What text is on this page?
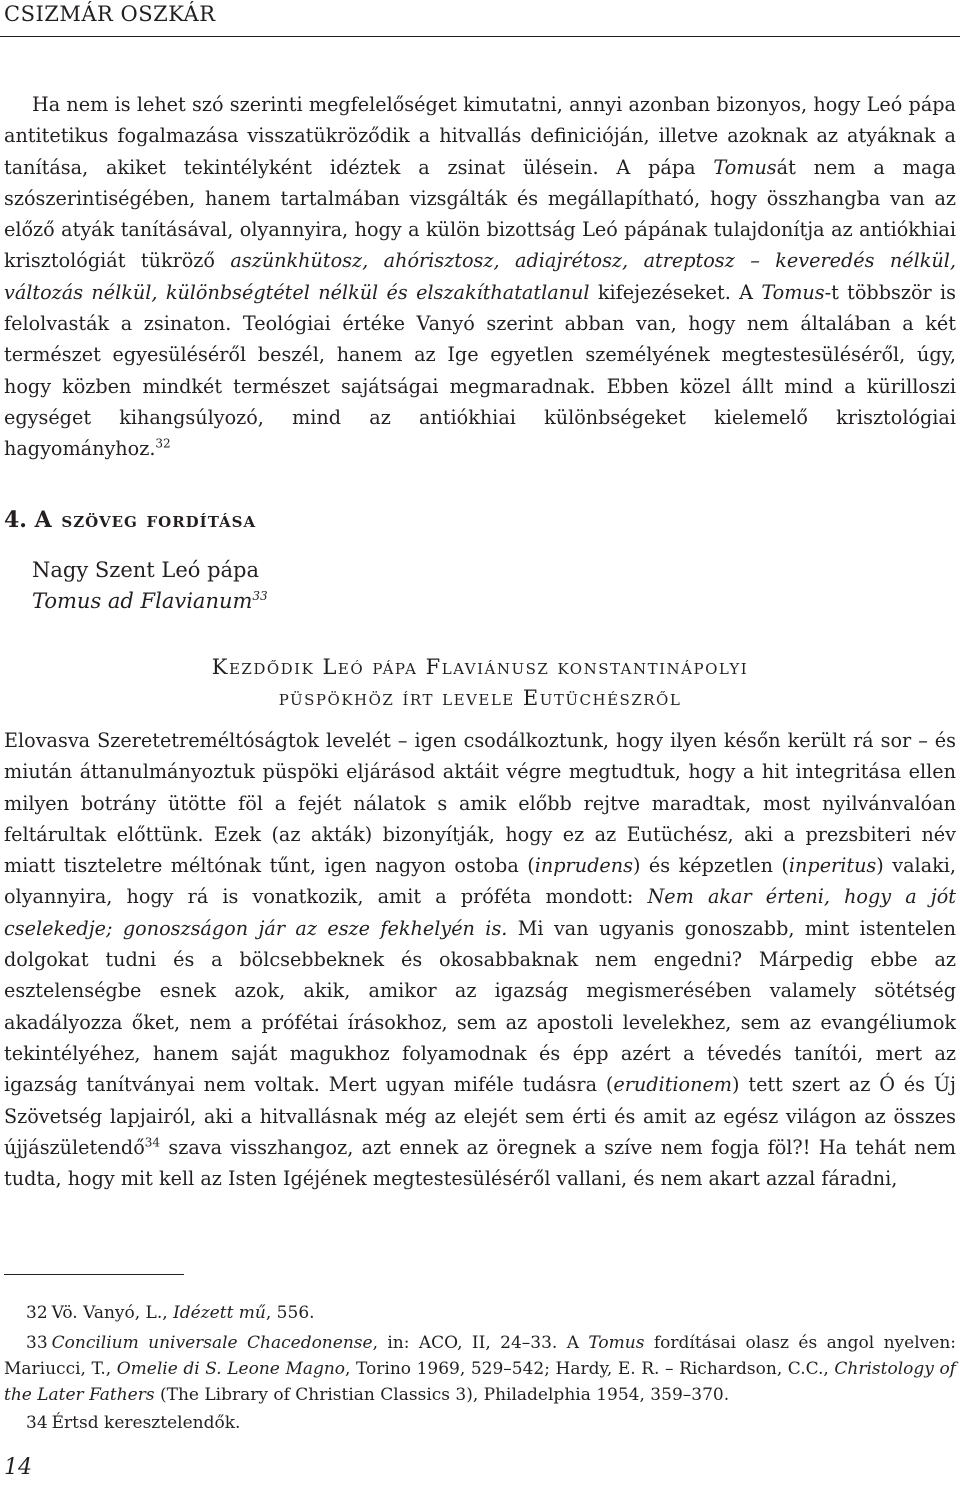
CSIZMÁR OSZKÁR

Ha nem is lehet szó szerinti megfelelőséget kimutatni, annyi azonban bizonyos, hogy Leó pápa antitetikus fogalmazása visszatükröződik a hitvallás definicióján, illetve azoknak az atyáknak a tanítása, akiket tekintélyként idéztek a zsinat ülésein. A pápa Tomusát nem a maga szószerintiségében, hanem tartalmában vizsgálták és megállapítható, hogy összhangba van az előző atyák tanításával, olyannyira, hogy a külön bizottság Leó pápának tulajdonítja az antiókhiai krisztológiát tükröző aszünkhütosz, ahórisztosz, adiajrétosz, atreptosz – keveredés nélkül, változás nélkül, különbségtétel nélkül és elszakíthatatlanul kifejezéseket. A Tomus-t többször is felolvasták a zsinaton. Teológiai értéke Vanyó szerint abban van, hogy nem általában a két természet egyesüléséről beszél, hanem az Ige egyetlen személyének megtestesüléséről, úgy, hogy közben mindkét természet sajátságai megmaradnak. Ebben közel állt mind a kürilloszi egységet kihangsúlyozó, mind az antiókhiai különbségeket kielemelő krisztológiai hagyományhoz.$^{32}$

4. A szöveg fordítása
Nagy Szent Leó pápa
Tomus ad Flavianum$^{33}$
Kezdődik Leó pápa Flaviánusz konstantinápolyi
püspökhöz írt levele Eutüchészről

Elovasva Szeretetreméltóságtok levelét – igen csodálkoztunk, hogy ilyen későn került rá sor – és miután áttanulmányoztuk püspöki eljárásod aktáit végre megtudtuk, hogy a hit integritása ellen milyen botrány ütötte föl a fejét nálatok s amik előbb rejtve maradtak, most nyilvánvalóan feltárultak előttünk. Ezek (az akták) bizonyítják, hogy ez az Eutüchész, aki a prezsbiteri név miatt tiszteletre méltónak tűnt, igen nagyon ostoba (inprudens) és képzetlen (inperitus) valaki, olyannyira, hogy rá is vonatkozik, amit a próféta mondott: Nem akar érteni, hogy a jót cselekedje; gonoszságon jár az esze fekhelyén is. Mi van ugyanis gonoszabb, mint istentelen dolgokat tudni és a bölcsebbeknek és okosabbaknak nem engedni? Márpedig ebbe az esztelenségbe esnek azok, akik, amikor az igazság megismerésében valamely sötétség akadályozza őket, nem a prófétai írásokhoz, sem az apostoli levelekhez, sem az evangéliumok tekintélyéhez, hanem saját magukhoz folyamodnak és épp azért a tévedés tanítói, mert az igazság tanítványai nem voltak. Mert ugyan miféle tudásra (eruditionem) tett szert az Ó és Új Szövetség lapjairól, aki a hitvallásnak még az elejét sem érti és amit az egész világon az összes újjászületendő$^{34}$ szava visszhangoz, azt ennek az öregnek a szíve nem fogja föl?! Ha tehát nem tudta, hogy mit kell az Isten Igéjének megtestesüléséről vallani, és nem akart azzal fáradni,

32 Vö. Vanyó, L., Idézett mű, 556.

33 Concilium universale Chacedonense, in: ACO, II, 24–33. A Tomus fordításai olasz és angol nyelven: Mariucci, T., Omelie di S. Leone Magno, Torino 1969, 529–542; Hardy, E. R. – Richardson, C.C., Christology of the Later Fathers (The Library of Christian Classics 3), Philadelphia 1954, 359–370.

34 Értsd keresztelendők.

14
